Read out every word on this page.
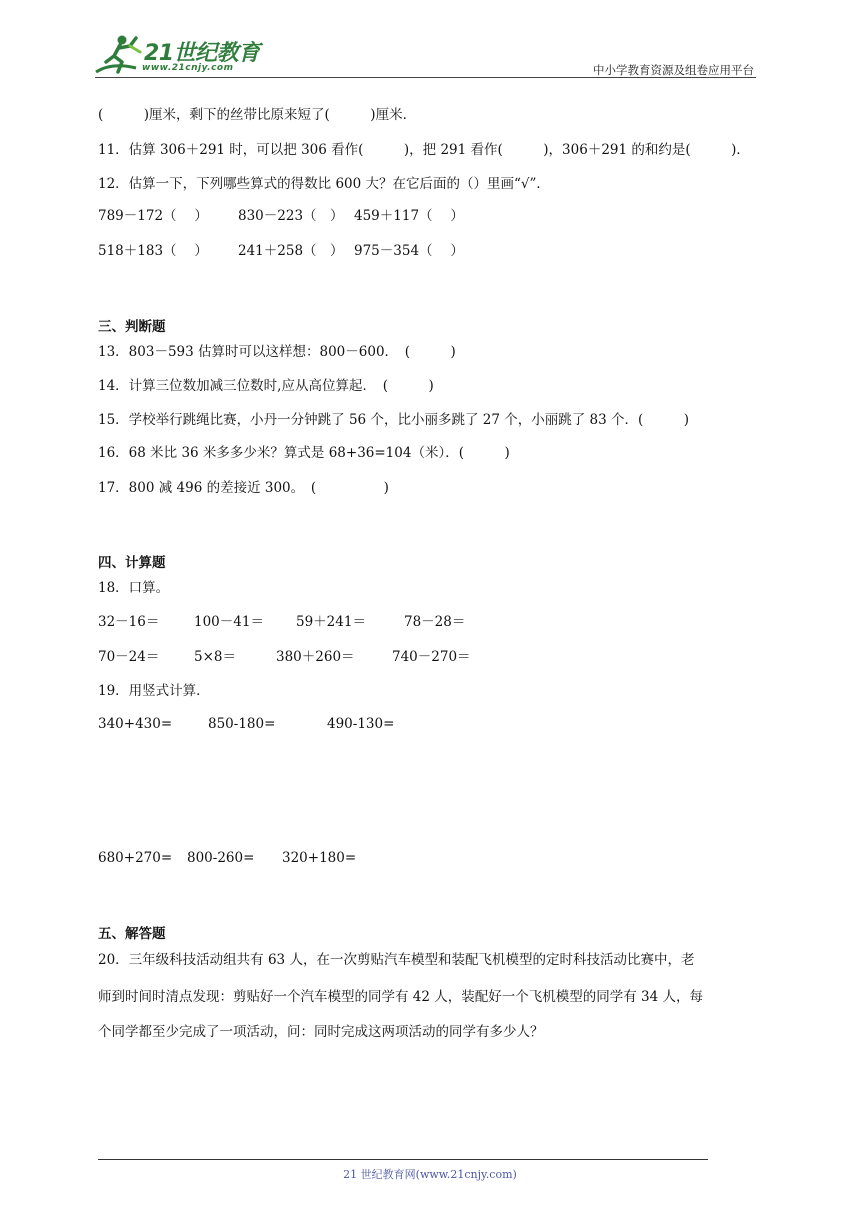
21世纪教育
www.21cnjy.com	中小学教育资源及组卷应用平台
(　　　)厘米，剩下的丝带比原来短了(　　　)厘米．
11．估算 306＋291 时，可以把 306 看作(　　　)，把 291 看作(　　　)，306＋291 的和约是(　　　)．
12．估算一下，下列哪些算式的得数比 600 大？在它后面的（）里画“√”．
789－172（　 ） 830－223（　） 459＋117（　 ）
518＋183（　 ） 241＋258（　） 975－354（　 ）
三、判断题
13．803－593 估算时可以这样想：800－600．　(　　　)
14．计算三位数加减三位数时,应从高位算起．　(　　　)
15．学校举行跳绳比赛，小丹一分钟跳了 56 个，比小丽多跳了 27 个，小丽跳了 83 个．(　　　)
16．68 米比 36 米多多少米？算式是 68+36=104（米）．(　　　)
17．800 减 496 的差接近 300。　(　　　　　)
四、计算题
18．口算。
32－16＝	100－41＝ 59＋241＝	78－28＝
70－24＝	5×8＝	380＋260＝	740－270＝
19．用竖式计算．
340+430=	850-180=	490-130=
680+270= 800-260= 320+180=
五、解答题
20．三年级科技活动组共有 63 人，在一次剪贴汽车模型和装配飞机模型的定时科技活动比赛中，老
师到时间时清点发现：剪贴好一个汽车模型的同学有 42 人，装配好一个飞机模型的同学有 34 人，每
个同学都至少完成了一项活动，问：同时完成这两项活动的同学有多少人？
21 世纪教育网(www.21cnjy.com)
